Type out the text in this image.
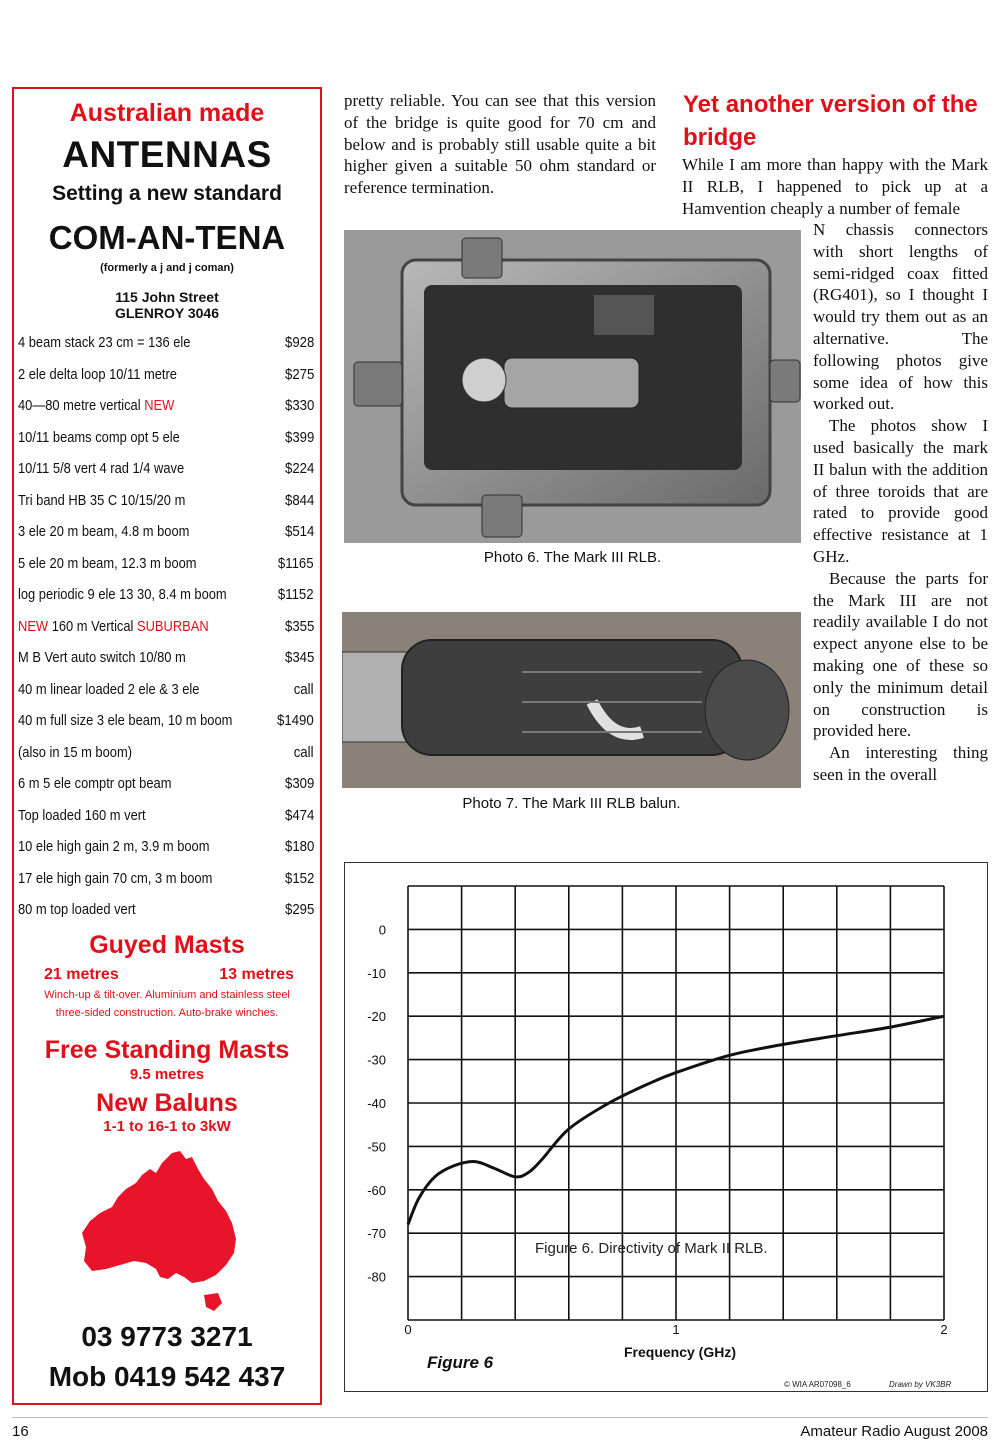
Australian made
ANTENNAS
Setting a new standard
COM-AN-TENA
(formerly a j and j coman)
115 John Street
GLENROY 3046
4 beam stack 23 cm = 136 ele	$928
2 ele delta loop 10/11 metre	$275
40—80 metre vertical NEW	$330
10/11 beams comp opt 5 ele	$399
10/11 5/8 vert 4 rad 1/4 wave	$224
Tri band HB 35 C 10/15/20 m	$844
3 ele 20 m beam, 4.8 m boom	$514
5 ele 20 m beam, 12.3 m boom	$1165
log periodic 9 ele 13 30, 8.4 m boom	$1152
NEW 160 m Vertical SUBURBAN	$355
M B Vert auto switch 10/80 m	$345
40 m linear loaded 2 ele & 3 ele	call
40 m full size 3 ele beam, 10 m boom	$1490
(also in 15 m boom)	call
6 m 5 ele comptr opt beam	$309
Top loaded 160 m vert	$474
10 ele high gain 2 m, 3.9 m boom	$180
17 ele high gain 70 cm, 3 m boom	$152
80 m top loaded vert	$295
Guyed Masts
21 metres	13 metres
Winch-up & tilt-over. Aluminium and stainless steel
three-sided construction. Auto-brake winches.
Free Standing Masts
9.5 metres
New Baluns
1-1 to 16-1 to 3kW
03 9773 3271
Mob 0419 542 437
pretty reliable. You can see that this version of the bridge is quite good for 70 cm and below and is probably still usable quite a bit higher given a suitable 50 ohm standard or reference termination.
Yet another version of the bridge
While I am more than happy with the Mark II RLB, I happened to pick up at a Hamvention cheaply a number of female
N chassis connectors with short lengths of semi-ridged coax fitted (RG401), so I thought I would try them out as an alternative. The following photos give some idea of how this worked out.
The photos show I used basically the mark II balun with the addition of three toroids that are rated to provide good effective resistance at 1 GHz.
Because the parts for the Mark III are not readily available I do not expect anyone else to be making one of these so only the minimum detail on construction is provided here.
An interesting thing seen in the overall
Photo 6. The Mark III RLB.
Photo 7. The Mark III RLB balun.
0
-10
-20
-30
-40
-50
-60
-70
-80
0	1	2
Figure 6. Directivity of Mark II RLB.
Frequency (GHz)
Figure 6
© WIA AR07098_6	Drawn by VK3BR
16	Amateur Radio August 2008
